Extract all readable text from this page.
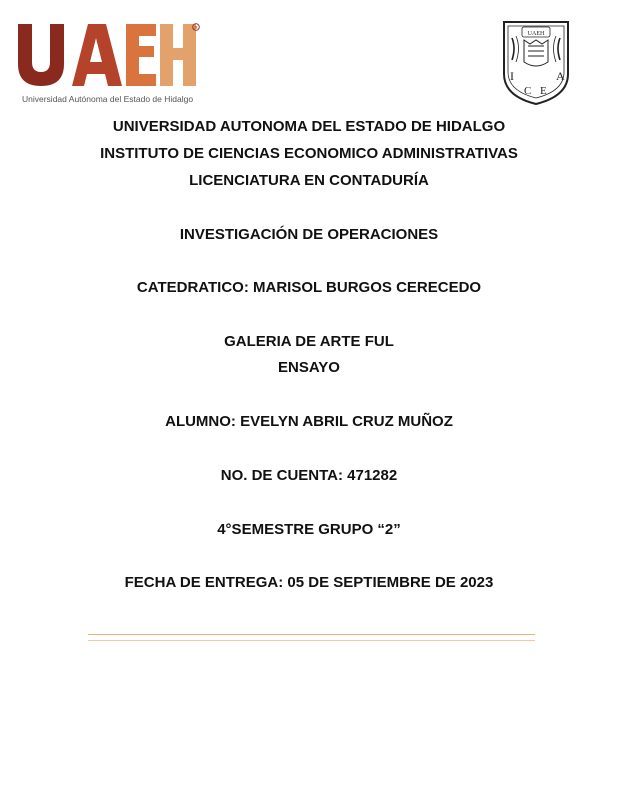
R
Universidad Autónoma del Estado de Hidalgo
UAEH
I	A
C E
UNIVERSIDAD AUTONOMA DEL ESTADO DE HIDALGO
INSTITUTO DE CIENCIAS ECONOMICO ADMINISTRATIVAS
LICENCIATURA EN CONTADURÍA
INVESTIGACIÓN DE OPERACIONES
CATEDRATICO: MARISOL BURGOS CERECEDO
GALERIA DE ARTE FUL
ENSAYO
ALUMNO: EVELYN ABRIL CRUZ MUÑOZ
NO. DE CUENTA: 471282
4°SEMESTRE GRUPO “2”
FECHA DE ENTREGA: 05 DE SEPTIEMBRE DE 2023
